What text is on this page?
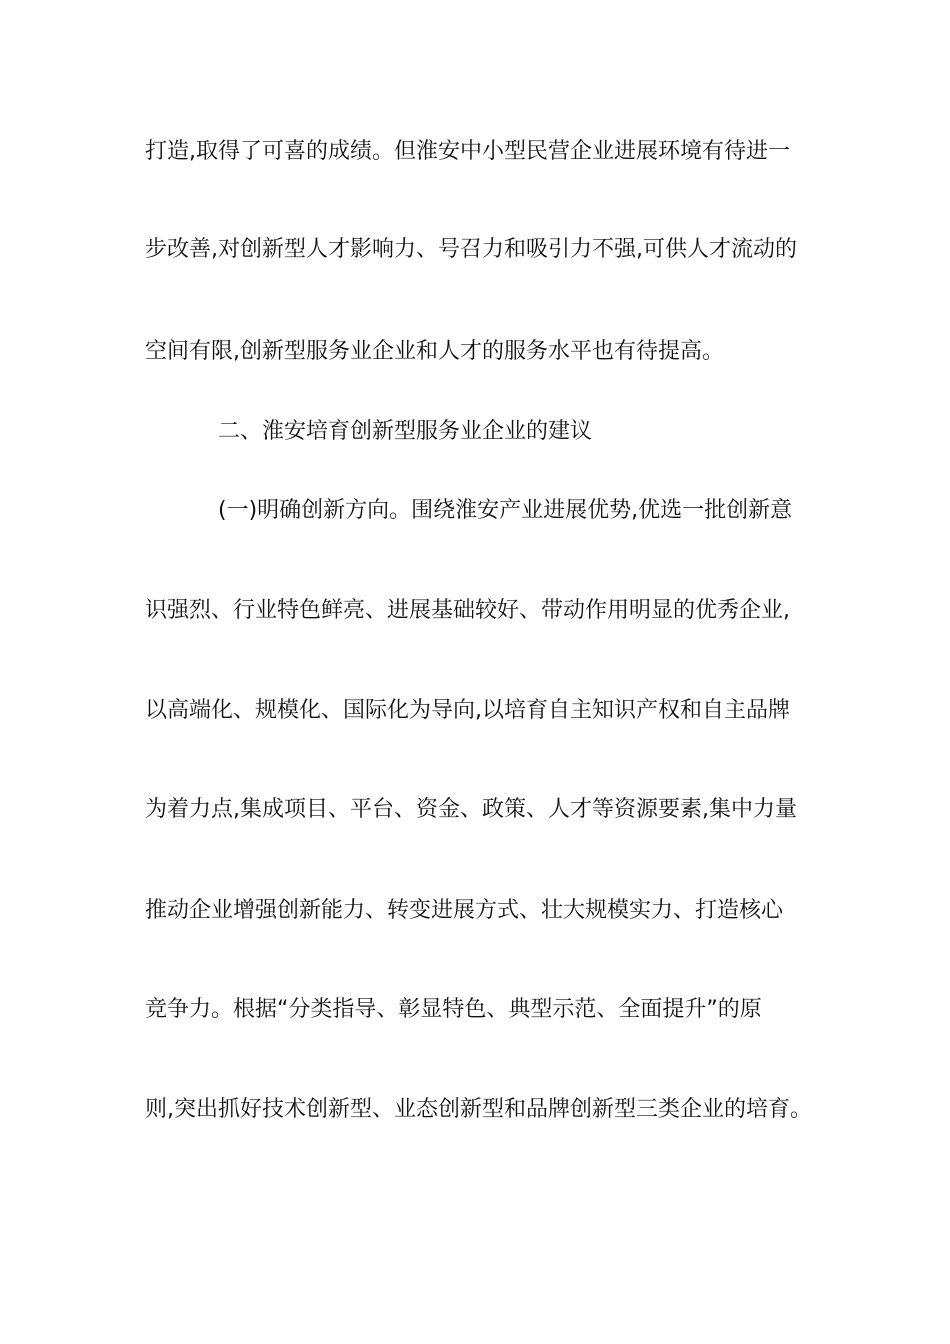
打造,取得了可喜的成绩。但淮安中小型民营企业进展环境有待进一
步改善,对创新型人才影响力、号召力和吸引力不强,可供人才流动的
空间有限,创新型服务业企业和人才的服务水平也有待提高。
二、淮安培育创新型服务业企业的建议
(一)明确创新方向。围绕淮安产业进展优势,优选一批创新意
识强烈、行业特色鲜亮、进展基础较好、带动作用明显的优秀企业,
以高端化、规模化、国际化为导向,以培育自主知识产权和自主品牌
为着力点,集成项目、平台、资金、政策、人才等资源要素,集中力量
推动企业增强创新能力、转变进展方式、壮大规模实力、打造核心
竞争力。根据“分类指导、彰显特色、典型示范、全面提升”的原
则,突出抓好技术创新型、业态创新型和品牌创新型三类企业的培育。
